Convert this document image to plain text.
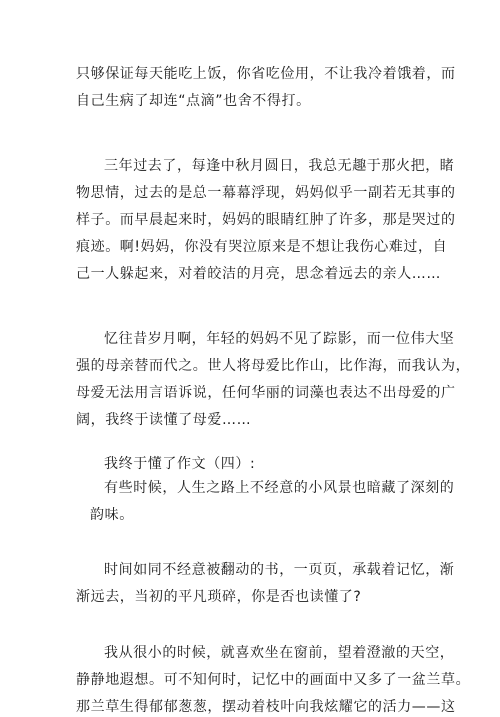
只够保证每天能吃上饭，你省吃俭用，不让我冷着饿着，而
自己生病了却连“点滴”也舍不得打。
三年过去了，每逢中秋月圆日，我总无趣于那火把，睹
物思情，过去的是总一幕幕浮现，妈妈似乎一副若无其事的
样子。而早晨起来时，妈妈的眼睛红肿了许多，那是哭过的
痕迹。啊!妈妈，你没有哭泣原来是不想让我伤心难过，自
己一人躲起来，对着皎洁的月亮，思念着远去的亲人……
忆往昔岁月啊，年轻的妈妈不见了踪影，而一位伟大坚
强的母亲替而代之。世人将母爱比作山，比作海，而我认为，
母爱无法用言语诉说，任何华丽的词藻也表达不出母爱的广
阔，我终于读懂了母爱……
我终于懂了作文（四）:
有些时候，人生之路上不经意的小风景也暗藏了深刻的
韵味。
时间如同不经意被翻动的书，一页页，承载着记忆，渐
渐远去，当初的平凡琐碎，你是否也读懂了?
我从很小的时候，就喜欢坐在窗前，望着澄澈的天空，
静静地遐想。可不知何时，记忆中的画面中又多了一盆兰草。
那兰草生得郁郁葱葱，摆动着枝叶向我炫耀它的活力——这
